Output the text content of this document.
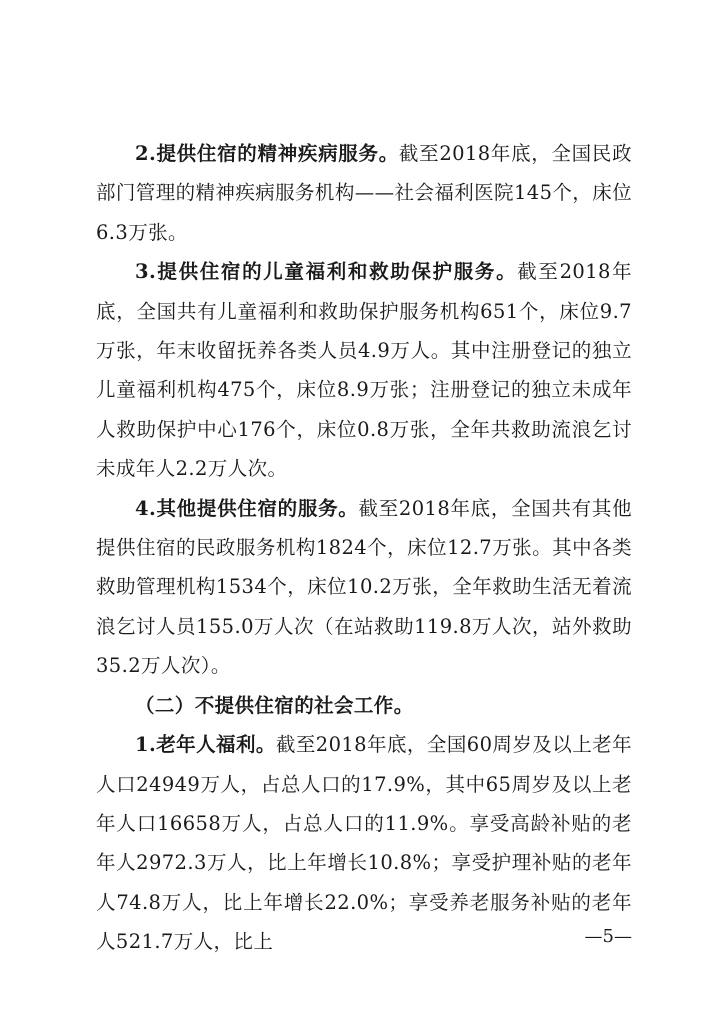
2.提供住宿的精神疾病服务。截至2018年底，全国民政部门管理的精神疾病服务机构——社会福利医院145个，床位6.3万张。

3.提供住宿的儿童福利和救助保护服务。截至2018年底，全国共有儿童福利和救助保护服务机构651个，床位9.7万张，年末收留抚养各类人员4.9万人。其中注册登记的独立儿童福利机构475个，床位8.9万张；注册登记的独立未成年人救助保护中心176个，床位0.8万张，全年共救助流浪乞讨未成年人2.2万人次。

4.其他提供住宿的服务。截至2018年底，全国共有其他提供住宿的民政服务机构1824个，床位12.7万张。其中各类救助管理机构1534个，床位10.2万张，全年救助生活无着流浪乞讨人员155.0万人次（在站救助119.8万人次，站外救助35.2万人次）。

（二）不提供住宿的社会工作。

1.老年人福利。截至2018年底，全国60周岁及以上老年人口24949万人，占总人口的17.9%，其中65周岁及以上老年人口16658万人，占总人口的11.9%。享受高龄补贴的老年人2972.3万人，比上年增长10.8%；享受护理补贴的老年人74.8万人，比上年增长22.0%；享受养老服务补贴的老年人521.7万人，比上	—5—
